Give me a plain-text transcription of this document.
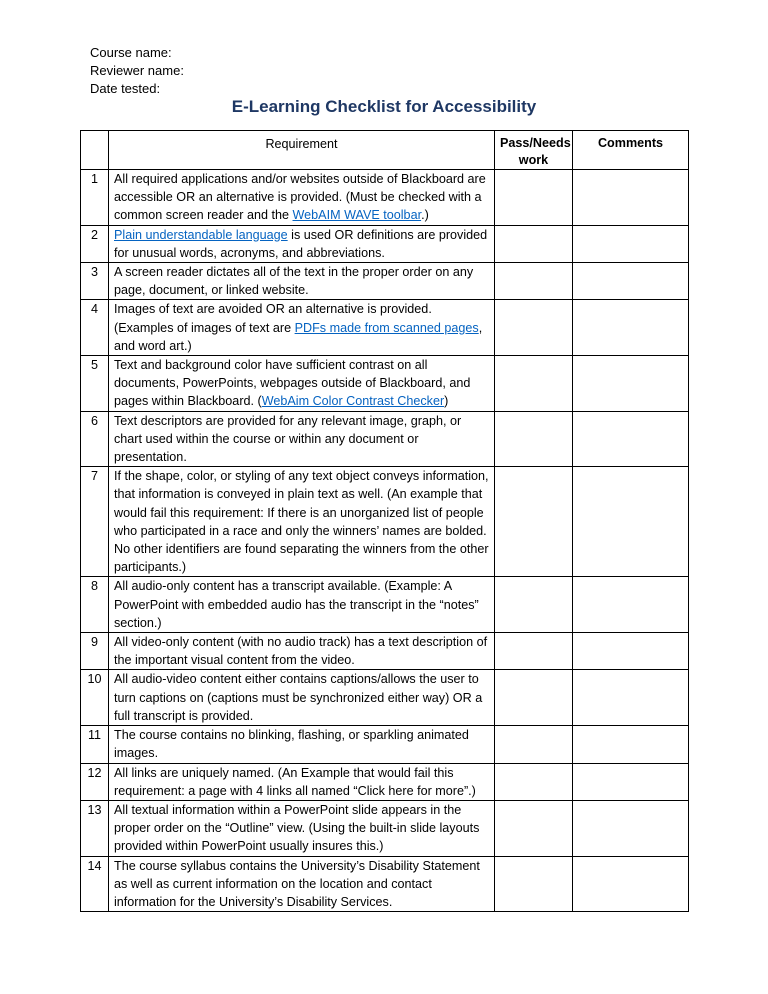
Course name:
Reviewer name:
Date tested:
E-Learning Checklist for Accessibility
	Requirement	Pass/Needs work	Comments
1	All required applications and/or websites outside of Blackboard are accessible OR an alternative is provided. (Must be checked with a common screen reader and the WebAIM WAVE toolbar.)		
2	Plain understandable language is used OR definitions are provided for unusual words, acronyms, and abbreviations.		
3	A screen reader dictates all of the text in the proper order on any page, document, or linked website.		
4	Images of text are avoided OR an alternative is provided. (Examples of images of text are PDFs made from scanned pages, and word art.)		
5	Text and background color have sufficient contrast on all documents, PowerPoints, webpages outside of Blackboard, and pages within Blackboard. (WebAim Color Contrast Checker)		
6	Text descriptors are provided for any relevant image, graph, or chart used within the course or within any document or presentation.		
7	If the shape, color, or styling of any text object conveys information, that information is conveyed in plain text as well. (An example that would fail this requirement: If there is an unorganized list of people who participated in a race and only the winners’ names are bolded. No other identifiers are found separating the winners from the other participants.)		
8	All audio-only content has a transcript available. (Example: A PowerPoint with embedded audio has the transcript in the “notes” section.)		
9	All video-only content (with no audio track) has a text description of the important visual content from the video.		
10	All audio-video content either contains captions/allows the user to turn captions on (captions must be synchronized either way) OR a full transcript is provided.		
11	The course contains no blinking, flashing, or sparkling animated images.		
12	All links are uniquely named. (An Example that would fail this requirement: a page with 4 links all named “Click here for more”.)		
13	All textual information within a PowerPoint slide appears in the proper order on the “Outline” view. (Using the built-in slide layouts provided within PowerPoint usually insures this.)		
14	The course syllabus contains the University’s Disability Statement as well as current information on the location and contact information for the University’s Disability Services.		
